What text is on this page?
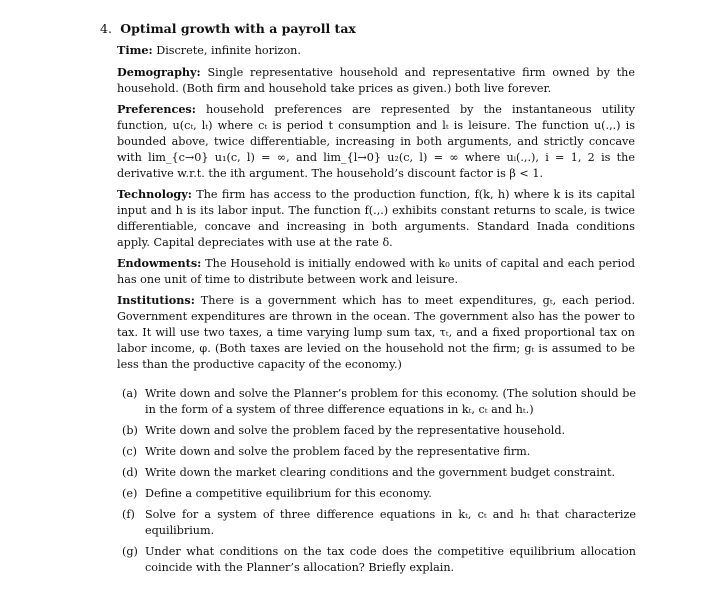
4. Optimal growth with a payroll tax

Time: Discrete, infinite horizon.

Demography: Single representative household and representative firm owned by the household. (Both firm and household take prices as given.) both live forever.

Preferences: household preferences are represented by the instantaneous utility function, u(cₜ, lₜ) where cₜ is period t consumption and lₜ is leisure. The function u(.,.) is bounded above, twice differentiable, increasing in both arguments, and strictly concave with lim_{c→0} u₁(c, l) = ∞, and lim_{l→0} u₂(c, l) = ∞ where uᵢ(.,.), i = 1, 2 is the derivative w.r.t. the ith argument. The household’s discount factor is β < 1.

Technology: The firm has access to the production function, f(k, h) where k is its capital input and h is its labor input. The function f(.,.) exhibits constant returns to scale, is twice differentiable, concave and increasing in both arguments. Standard Inada conditions apply. Capital depreciates with use at the rate δ.

Endowments: The Household is initially endowed with k₀ units of capital and each period has one unit of time to distribute between work and leisure.

Institutions: There is a government which has to meet expenditures, gₜ, each period. Government expenditures are thrown in the ocean. The government also has the power to tax. It will use two taxes, a time varying lump sum tax, τₜ, and a fixed proportional tax on labor income, φ. (Both taxes are levied on the household not the firm; gₜ is assumed to be less than the productive capacity of the economy.)

(a) Write down and solve the Planner’s problem for this economy. (The solution should be in the form of a system of three difference equations in kₜ, cₜ and hₜ.)
(b) Write down and solve the problem faced by the representative household.
(c) Write down and solve the problem faced by the representative firm.
(d) Write down the market clearing conditions and the government budget constraint.
(e) Define a competitive equilibrium for this economy.
(f) Solve for a system of three difference equations in kₜ, cₜ and hₜ that characterize equilibrium.
(g) Under what conditions on the tax code does the competitive equilibrium allocation coincide with the Planner’s allocation? Briefly explain.
